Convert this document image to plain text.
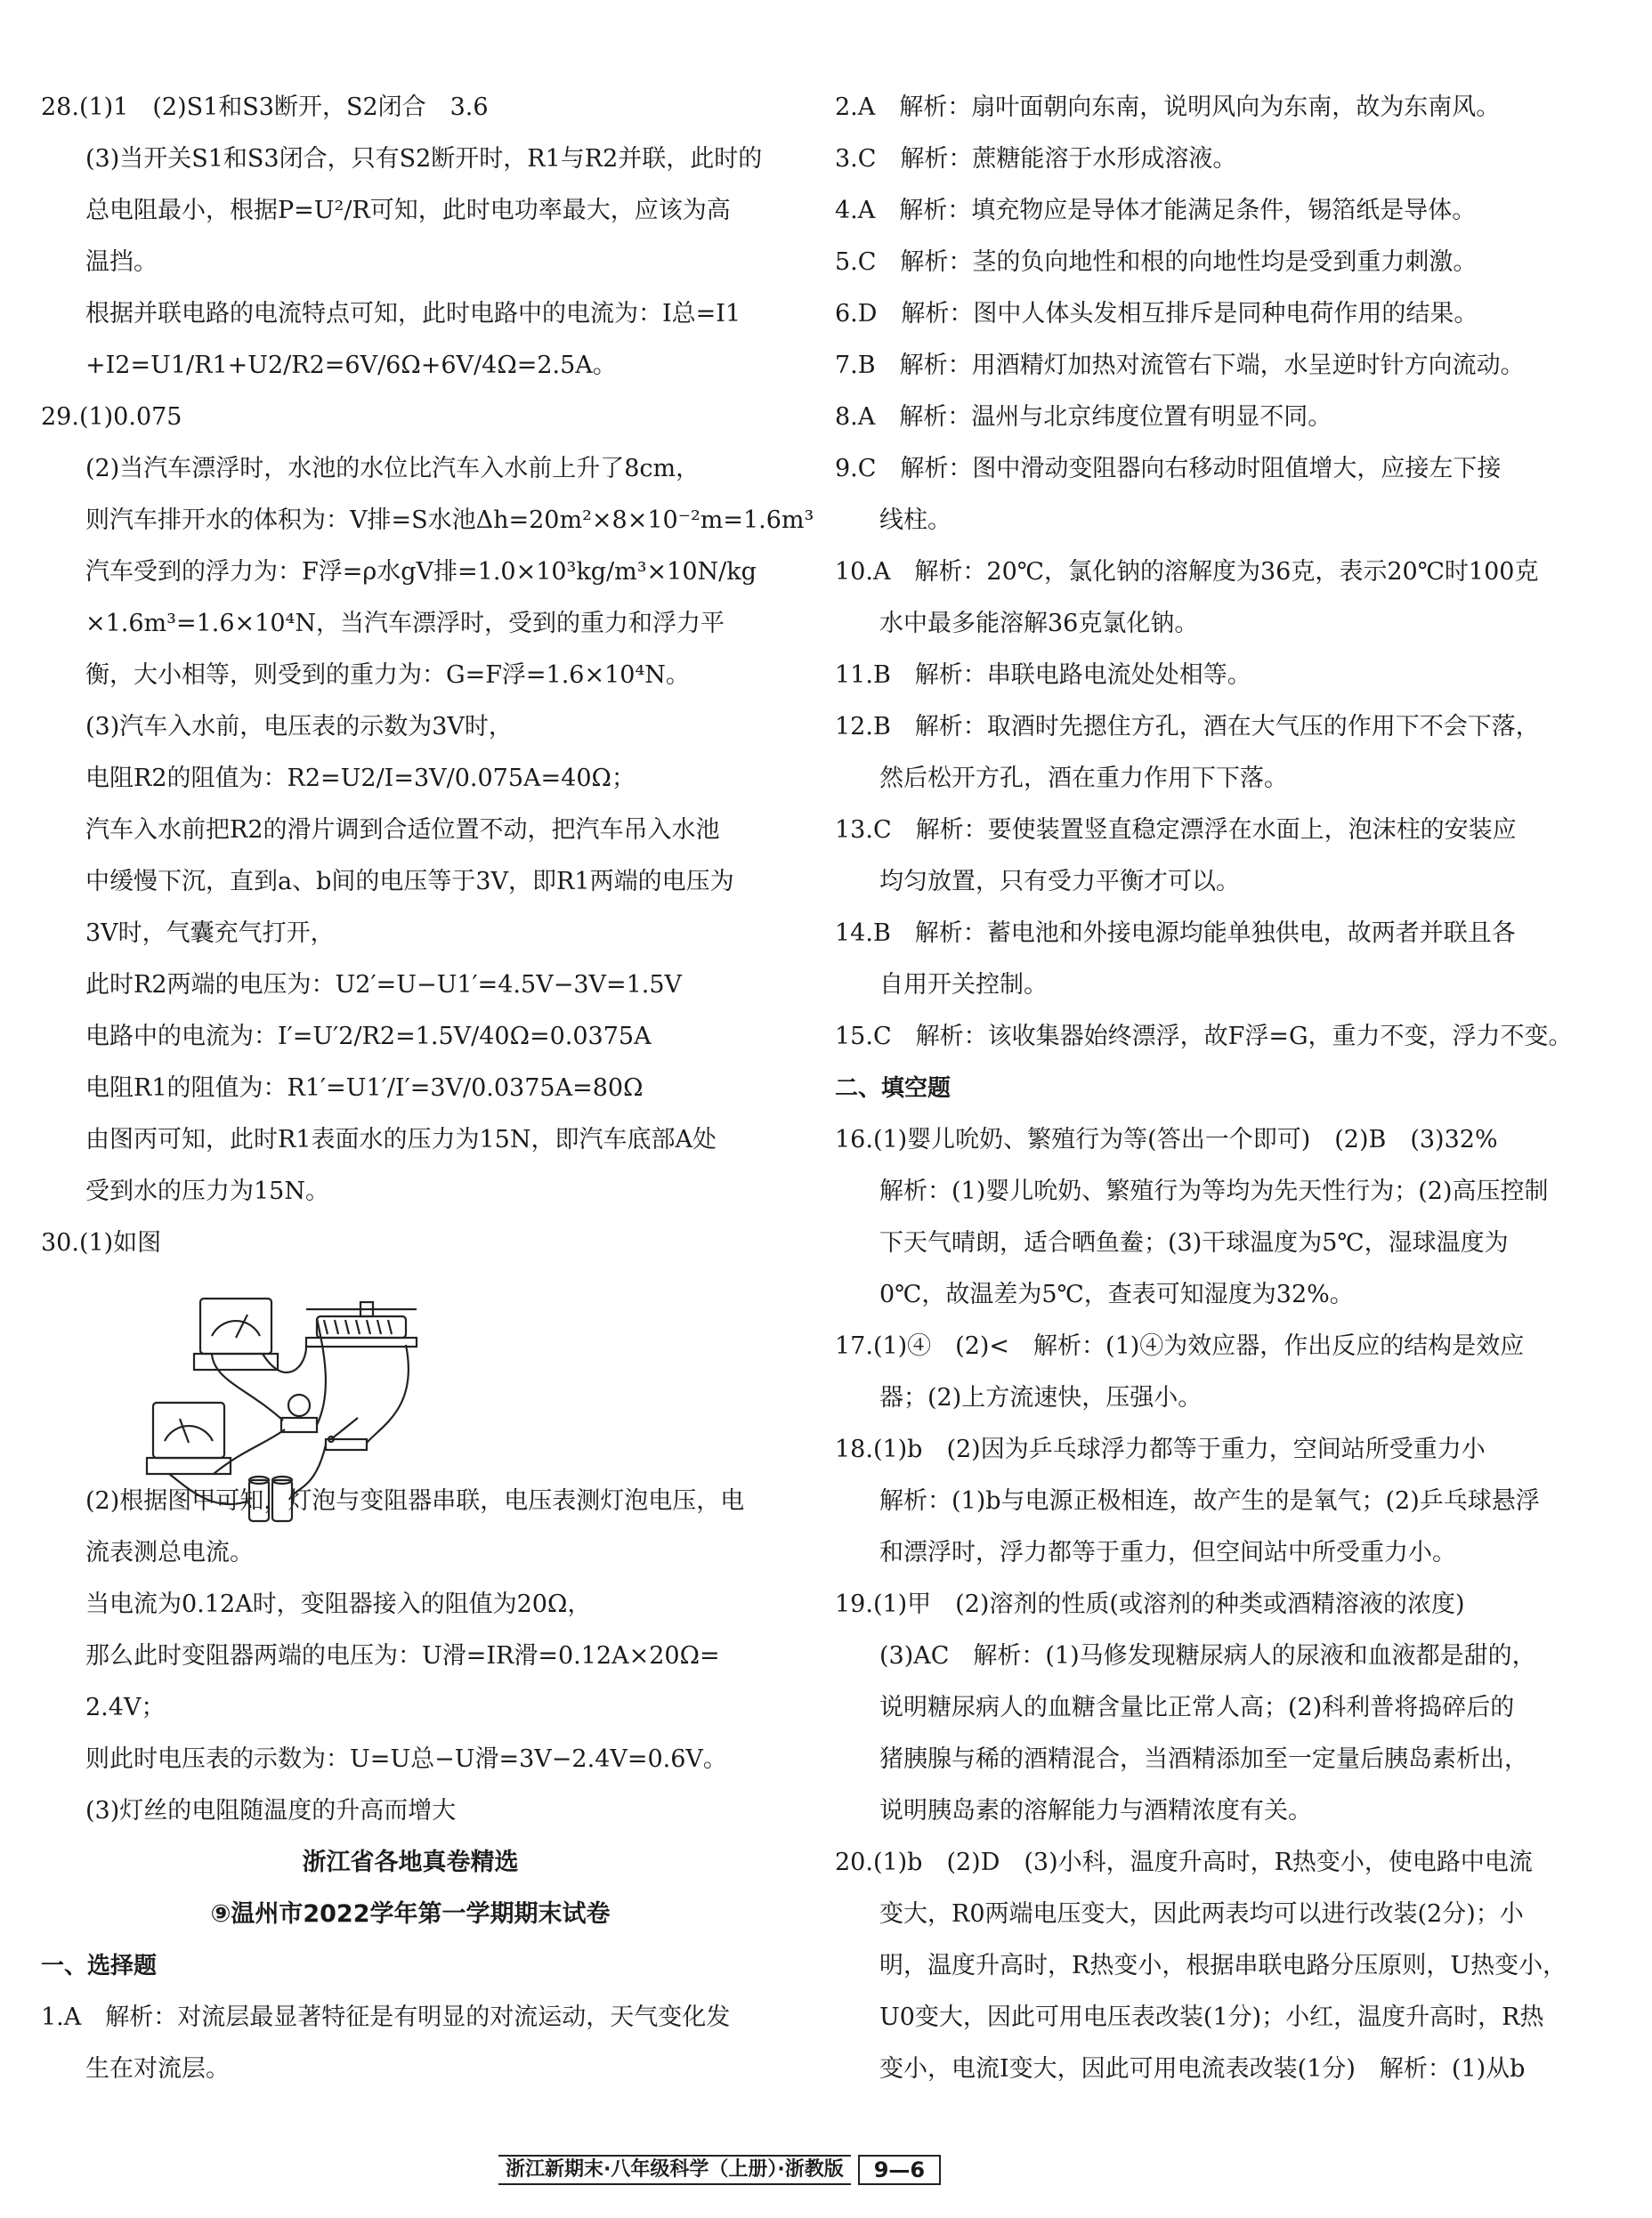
28.(1)1　(2)S1和S3断开，S2闭合　3.6
(3)当开关S1和S3闭合，只有S2断开时，R1与R2并联，此时的
总电阻最小，根据P=U²/R可知，此时电功率最大，应该为高
温挡。
根据并联电路的电流特点可知，此时电路中的电流为：I总=I1
+I2=U1/R1+U2/R2=6V/6Ω+6V/4Ω=2.5A。
29.(1)0.075
(2)当汽车漂浮时，水池的水位比汽车入水前上升了8cm，
则汽车排开水的体积为：V排=S水池Δh=20m²×8×10⁻²m=1.6m³
汽车受到的浮力为：F浮=ρ水gV排=1.0×10³kg/m³×10N/kg
×1.6m³=1.6×10⁴N，当汽车漂浮时，受到的重力和浮力平
衡，大小相等，则受到的重力为：G=F浮=1.6×10⁴N。
(3)汽车入水前，电压表的示数为3V时，
电阻R2的阻值为：R2=U2/I=3V/0.075A=40Ω；
汽车入水前把R2的滑片调到合适位置不动，把汽车吊入水池
中缓慢下沉，直到a、b间的电压等于3V，即R1两端的电压为
3V时，气囊充气打开，
此时R2两端的电压为：U2′=U−U1′=4.5V−3V=1.5V
电路中的电流为：I′=U′2/R2=1.5V/40Ω=0.0375A
电阻R1的阻值为：R1′=U1′/I′=3V/0.0375A=80Ω
由图丙可知，此时R1表面水的压力为15N，即汽车底部A处
受到水的压力为15N。
30.(1)如图
(2)根据图甲可知，灯泡与变阻器串联，电压表测灯泡电压，电
流表测总电流。
当电流为0.12A时，变阻器接入的阻值为20Ω，
那么此时变阻器两端的电压为：U滑=IR滑=0.12A×20Ω=
2.4V；
则此时电压表的示数为：U=U总−U滑=3V−2.4V=0.6V。
(3)灯丝的电阻随温度的升高而增大
浙江省各地真卷精选
⑨温州市2022学年第一学期期末试卷
一、选择题
1.A　解析：对流层最显著特征是有明显的对流运动，天气变化发
生在对流层。
2.A　解析：扇叶面朝向东南，说明风向为东南，故为东南风。
3.C　解析：蔗糖能溶于水形成溶液。
4.A　解析：填充物应是导体才能满足条件，锡箔纸是导体。
5.C　解析：茎的负向地性和根的向地性均是受到重力刺激。
6.D　解析：图中人体头发相互排斥是同种电荷作用的结果。
7.B　解析：用酒精灯加热对流管右下端，水呈逆时针方向流动。
8.A　解析：温州与北京纬度位置有明显不同。
9.C　解析：图中滑动变阻器向右移动时阻值增大，应接左下接
线柱。
10.A　解析：20℃，氯化钠的溶解度为36克，表示20℃时100克
水中最多能溶解36克氯化钠。
11.B　解析：串联电路电流处处相等。
12.B　解析：取酒时先摁住方孔，酒在大气压的作用下不会下落，
然后松开方孔，酒在重力作用下下落。
13.C　解析：要使装置竖直稳定漂浮在水面上，泡沫柱的安装应
均匀放置，只有受力平衡才可以。
14.B　解析：蓄电池和外接电源均能单独供电，故两者并联且各
自用开关控制。
15.C　解析：该收集器始终漂浮，故F浮=G，重力不变，浮力不变。
二、填空题
16.(1)婴儿吮奶、繁殖行为等(答出一个即可)　(2)B　(3)32%
解析：(1)婴儿吮奶、繁殖行为等均为先天性行为；(2)高压控制
下天气晴朗，适合晒鱼鲞；(3)干球温度为5℃，湿球温度为
0℃，故温差为5℃，查表可知湿度为32%。
17.(1)④　(2)<　解析：(1)④为效应器，作出反应的结构是效应
器；(2)上方流速快，压强小。
18.(1)b　(2)因为乒乓球浮力都等于重力，空间站所受重力小
解析：(1)b与电源正极相连，故产生的是氧气；(2)乒乓球悬浮
和漂浮时，浮力都等于重力，但空间站中所受重力小。
19.(1)甲　(2)溶剂的性质(或溶剂的种类或酒精溶液的浓度)
(3)AC　解析：(1)马修发现糖尿病人的尿液和血液都是甜的，
说明糖尿病人的血糖含量比正常人高；(2)科利普将捣碎后的
猪胰腺与稀的酒精混合，当酒精添加至一定量后胰岛素析出，
说明胰岛素的溶解能力与酒精浓度有关。
20.(1)b　(2)D　(3)小科，温度升高时，R热变小，使电路中电流
变大，R0两端电压变大，因此两表均可以进行改装(2分)；小
明，温度升高时，R热变小，根据串联电路分压原则，U热变小，
U0变大，因此可用电压表改装(1分)；小红，温度升高时，R热
变小，电流I变大，因此可用电流表改装(1分)　解析：(1)从b
浙江新期末·八年级科学（上册）·浙教版	9—6
